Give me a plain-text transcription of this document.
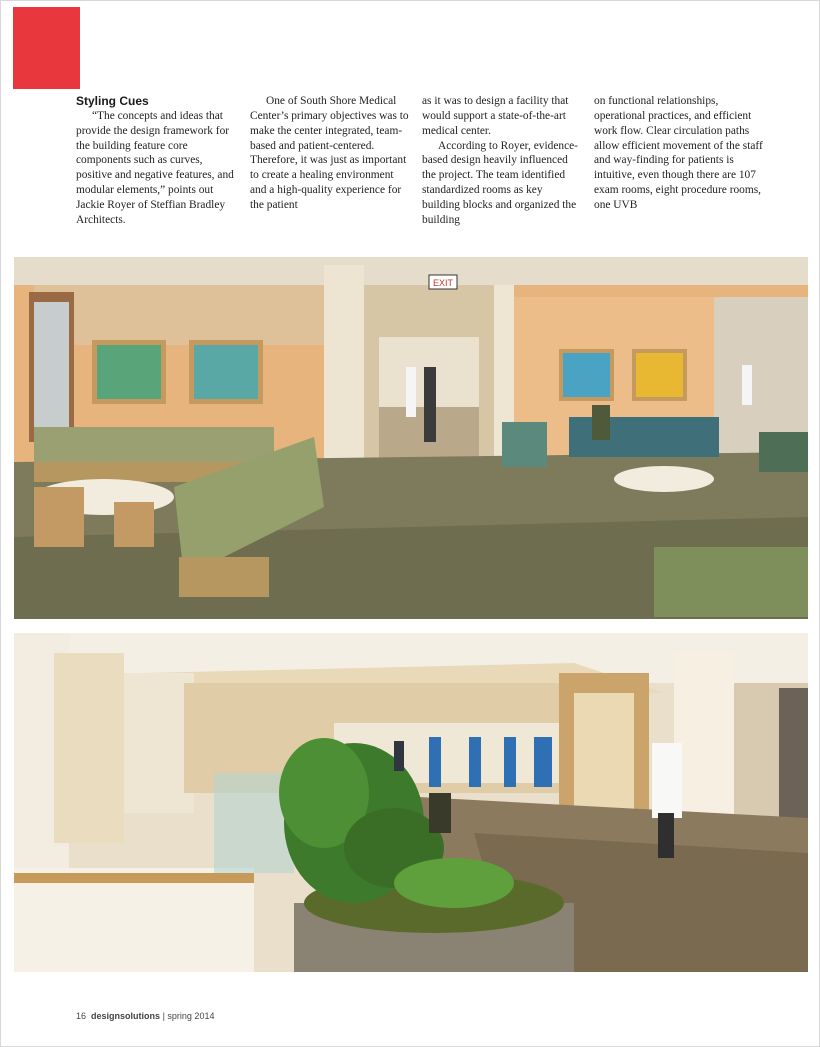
Styling Cues

“The concepts and ideas that provide the design framework for the building feature core components such as curves, positive and negative features, and modular elements,” points out Jackie Royer of Steffian Bradley Architects.

One of South Shore Medical Center’s primary objectives was to make the center integrated, team-based and patient-centered. Therefore, it was just as important to create a healing environment and a high-quality experience for the patient

as it was to design a facility that would support a state-of-the-art medical center.

According to Royer, evidence-based design heavily influenced the project. The team identified standardized rooms as key building blocks and organized the building

on functional relationships, operational practices, and efficient work flow. Clear circulation paths allow efficient movement of the staff and way-finding for patients is intuitive, even though there are 107 exam rooms, eight procedure rooms, one UVB

EXIT
16 designsolutions | spring 2014
